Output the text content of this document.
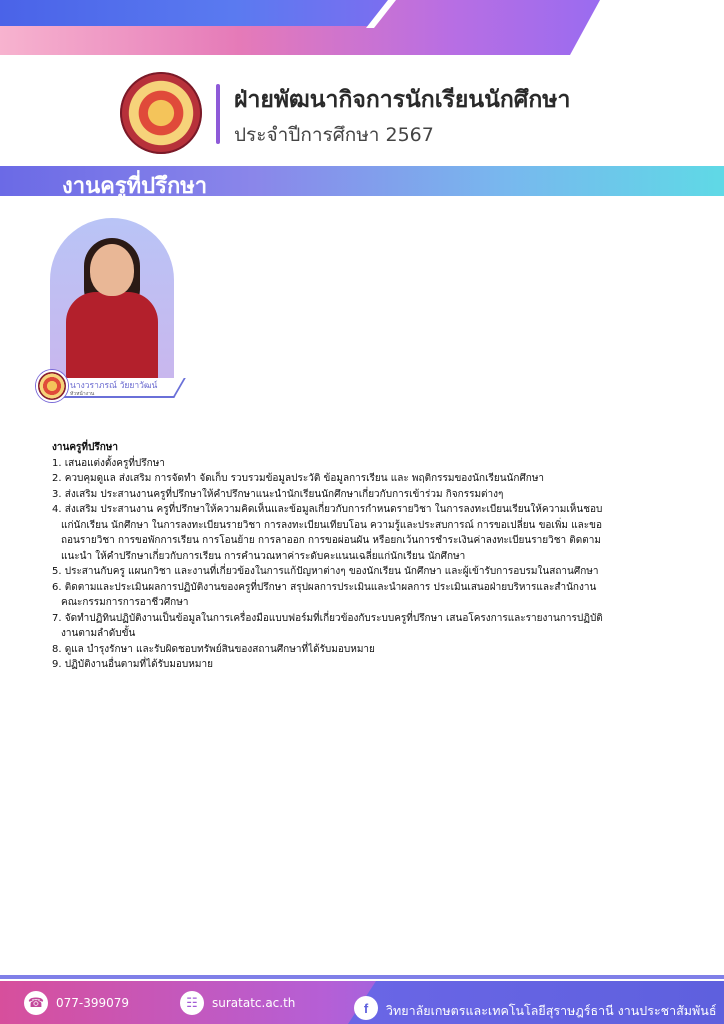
ฝ่ายพัฒนากิจการนักเรียนนักศึกษา
ประจำปีการศึกษา 2567
งานครูที่ปรึกษา
นางวราภรณ์ วัยยาวัฒน์
หัวหน้างาน
งานครูที่ปรึกษา

1. เสนอแต่งตั้งครูที่ปรึกษา

2. ควบคุมดูแล ส่งเสริม การจัดทำ จัดเก็บ รวบรวมข้อมูลประวัติ ข้อมูลการเรียน และ พฤติกรรมของนักเรียนนักศึกษา

3. ส่งเสริม ประสานงานครูที่ปรึกษาให้คำปรึกษาแนะนำนักเรียนนักศึกษาเกี่ยวกับการเข้าร่วม กิจกรรมต่างๆ

4. ส่งเสริม ประสานงาน ครูที่ปรึกษาให้ความคิดเห็นและข้อมูลเกี่ยวกับการกำหนดรายวิชา ในการลงทะเบียนเรียนให้ความเห็นชอบแก่นักเรียน นักศึกษา ในการลงทะเบียนรายวิชา การลงทะเบียนเทียบโอน ความรู้และประสบการณ์ การขอเปลี่ยน ขอเพิ่ม และขอถอนรายวิชา การขอพักการเรียน การโอนย้าย การลาออก การขอผ่อนผัน หรือยกเว้นการชำระเงินค่าลงทะเบียนรายวิชา ติดตาม แนะนำ ให้คำปรึกษาเกี่ยวกับการเรียน การคำนวณหาค่าระดับคะแนนเฉลี่ยแก่นักเรียน นักศึกษา

5. ประสานกับครู แผนกวิชา และงานที่เกี่ยวข้องในการแก้ปัญหาต่างๆ ของนักเรียน นักศึกษา และผู้เข้ารับการอบรมในสถานศึกษา

6. ติดตามและประเมินผลการปฏิบัติงานของครูที่ปรึกษา สรุปผลการประเมินและนำผลการ ประเมินเสนอฝ่ายบริหารและสำนักงานคณะกรรมการการอาชีวศึกษา

7. จัดทำปฏิทินปฏิบัติงานเป็นข้อมูลในการเครื่องมือแบบฟอร์มที่เกี่ยวข้องกับระบบครูที่ปรึกษา เสนอโครงการและรายงานการปฏิบัติงานตามลำดับขั้น

8. ดูแล บำรุงรักษา และรับผิดชอบทรัพย์สินของสถานศึกษาที่ได้รับมอบหมาย

9. ปฏิบัติงานอื่นตามที่ได้รับมอบหมาย

☎ 077-399079	☷	suratatc.ac.th	f	วิทยาลัยเกษตรและเทคโนโลยีสุราษฎร์ธานี งานประชาสัมพันธ์
